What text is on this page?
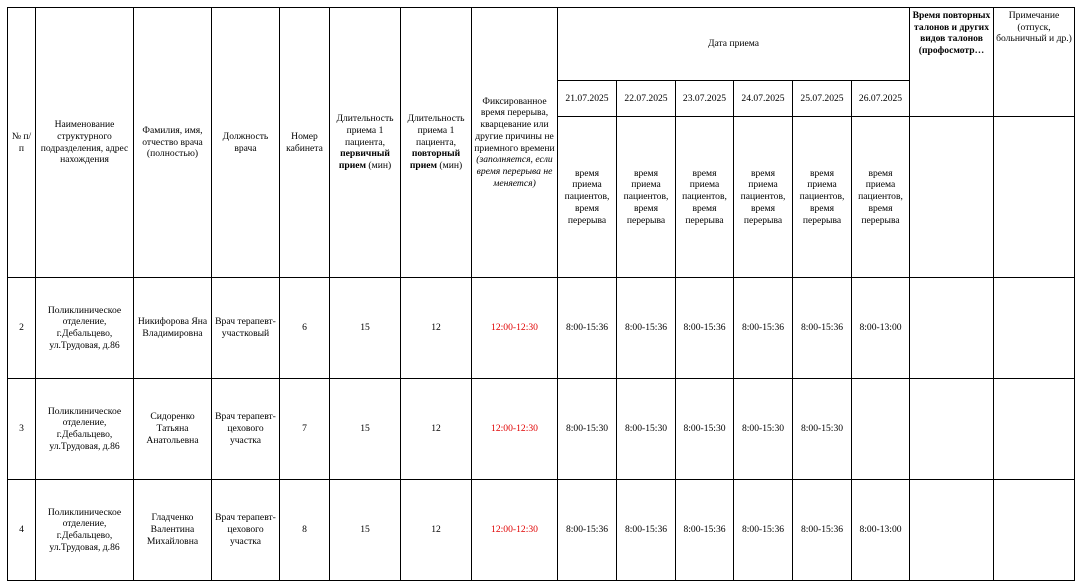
№ п/п	Наименование структурного подразделения, адрес нахождения	Фамилия, имя, отчество врача (полностью)	Должность врача	Номер кабинета	Длительность приема 1 пациента, первичный прием (мин)	Длительность приема 1 пациента, повторный прием (мин)	Фиксированное время перерыва, кварцевание или другие причины не приемного времени (заполняется, если время перерыва не меняется)	Дата приема						Время повторных талонов и других видов талонов (профосмотр…	Примечание (отпуск, больничный и др.)
								21.07.2025	22.07.2025	23.07.2025	24.07.2025	25.07.2025	26.07.2025		
								время приема пациентов, время перерыва	время приема пациентов, время перерыва	время приема пациентов, время перерыва	время приема пациентов, время перерыва	время приема пациентов, время перерыва	время приема пациентов, время перерыва		
2	Поликлиническое отделение, г.Дебальцево, ул.Трудовая, д.86	Никифорова Яна Владимировна	Врач терапевт-участковый	6	15	12	12:00-12:30	8:00-15:36	8:00-15:36	8:00-15:36	8:00-15:36	8:00-15:36	8:00-13:00		
3	Поликлиническое отделение, г.Дебальцево, ул.Трудовая, д.86	Сидоренко Татьяна Анатольевна	Врач терапевт-цехового участка	7	15	12	12:00-12:30	8:00-15:30	8:00-15:30	8:00-15:30	8:00-15:30	8:00-15:30			
4	Поликлиническое отделение, г.Дебальцево, ул.Трудовая, д.86	Гладченко Валентина Михайловна	Врач терапевт-цехового участка	8	15	12	12:00-12:30	8:00-15:36	8:00-15:36	8:00-15:36	8:00-15:36	8:00-15:36	8:00-13:00		
